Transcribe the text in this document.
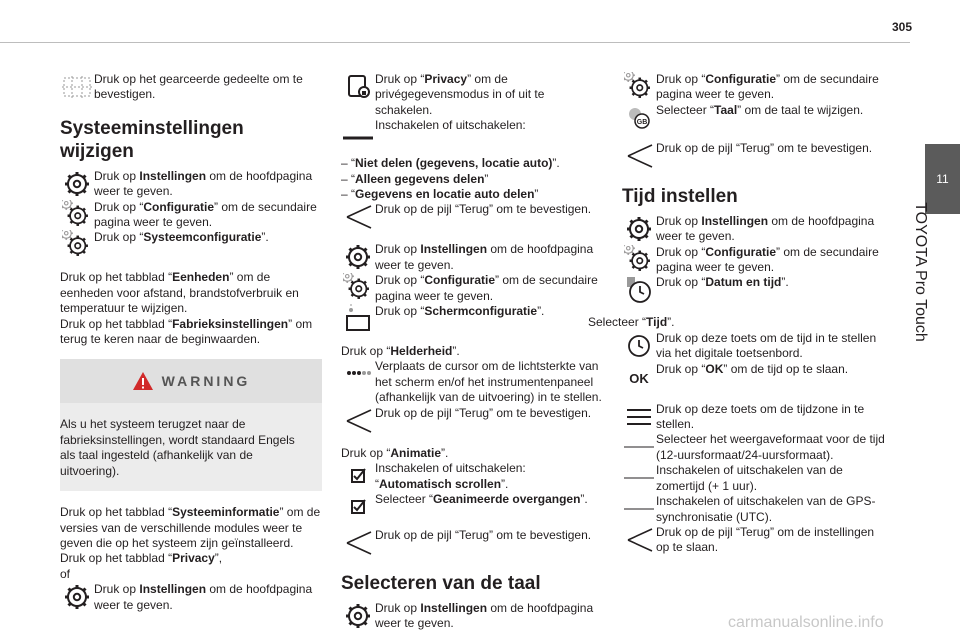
305
11
TOYOTA Pro Touch

Druk op het gearceerde gedeelte om te bevestigen.

Systeeminstellingen wijzigen

Druk op Instellingen om de hoofdpagina weer te geven.

Druk op “Configuratie” om de secundaire pagina weer te geven.

Druk op “Systeemconfiguratie”.

Druk op het tabblad “Eenheden” om de eenheden voor afstand, brandstofverbruik en temperatuur te wijzigen.

Druk op het tabblad “Fabrieksinstellingen” om terug te keren naar de beginwaarden.

WARNING

Als u het systeem terugzet naar de fabrieksinstellingen, wordt standaard Engels als taal ingesteld (afhankelijk van de uitvoering).

Druk op het tabblad “Systeeminformatie” om de versies van de verschillende modules weer te geven die op het systeem zijn geïnstalleerd.

Druk op het tabblad “Privacy”,

of

Druk op Instellingen om de hoofdpagina weer te geven.

Druk op “Privacy” om de privégegevensmodus in of uit te schakelen.

Inschakelen of uitschakelen:

– “Niet delen (gegevens, locatie auto)”.

– “Alleen gegevens delen”

– “Gegevens en locatie auto delen”

Druk op de pijl “Terug” om te bevestigen.

Druk op Instellingen om de hoofdpagina weer te geven.

Druk op “Configuratie” om de secundaire pagina weer te geven.

Druk op “Schermconfiguratie”.

Druk op “Helderheid”.

Verplaats de cursor om de lichtsterkte van het scherm en/of het instrumentenpaneel (afhankelijk van de uitvoering) in te stellen.

Druk op de pijl “Terug” om te bevestigen.

Druk op “Animatie”.

Inschakelen of uitschakelen:
“Automatisch scrollen”.

Selecteer “Geanimeerde overgangen”.

Druk op de pijl “Terug” om te bevestigen.

Selecteren van de taal

Druk op Instellingen om de hoofdpagina weer te geven.

Druk op “Configuratie” om de secundaire pagina weer te geven.

GB

Selecteer “Taal” om de taal te wijzigen.

Druk op de pijl “Terug” om te bevestigen.

Tijd instellen

Druk op Instellingen om de hoofdpagina weer te geven.

Druk op “Configuratie” om de secundaire pagina weer te geven.

Druk op “Datum en tijd”.

Selecteer “Tijd”.

Druk op deze toets om de tijd in te stellen via het digitale toetsenbord.

OK

Druk op “OK” om de tijd op te slaan.

Druk op deze toets om de tijdzone in te stellen.

Selecteer het weergaveformaat voor de tijd (12-uursformaat/24-uursformaat).

Inschakelen of uitschakelen van de zomertijd (+ 1 uur).

Inschakelen of uitschakelen van de GPS-synchronisatie (UTC).

Druk op de pijl “Terug” om de instellingen op te slaan.

carmanualsonline.info
